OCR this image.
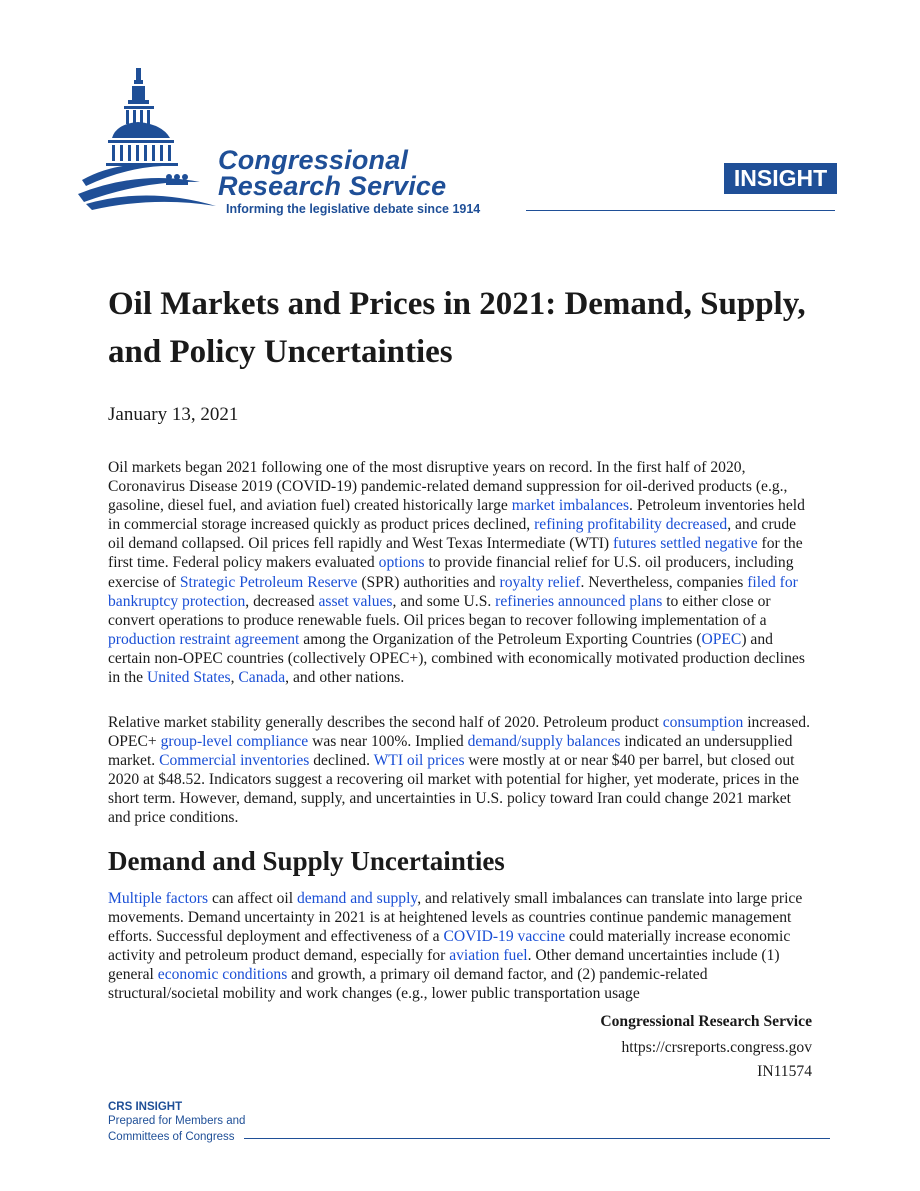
Congressional
Research Service
Informing the legislative debate since 1914
INSIGHT
Oil Markets and Prices in 2021: Demand, Supply, and Policy Uncertainties
January 13, 2021

Oil markets began 2021 following one of the most disruptive years on record. In the first half of 2020, Coronavirus Disease 2019 (COVID-19) pandemic-related demand suppression for oil-derived products (e.g., gasoline, diesel fuel, and aviation fuel) created historically large market imbalances. Petroleum inventories held in commercial storage increased quickly as product prices declined, refining profitability decreased, and crude oil demand collapsed. Oil prices fell rapidly and West Texas Intermediate (WTI) futures settled negative for the first time. Federal policy makers evaluated options to provide financial relief for U.S. oil producers, including exercise of Strategic Petroleum Reserve (SPR) authorities and royalty relief. Nevertheless, companies filed for bankruptcy protection, decreased asset values, and some U.S. refineries announced plans to either close or convert operations to produce renewable fuels. Oil prices began to recover following implementation of a production restraint agreement among the Organization of the Petroleum Exporting Countries (OPEC) and certain non-OPEC countries (collectively OPEC+), combined with economically motivated production declines in the United States, Canada, and other nations.

Relative market stability generally describes the second half of 2020. Petroleum product consumption increased. OPEC+ group-level compliance was near 100%. Implied demand/supply balances indicated an undersupplied market. Commercial inventories declined. WTI oil prices were mostly at or near $40 per barrel, but closed out 2020 at $48.52. Indicators suggest a recovering oil market with potential for higher, yet moderate, prices in the short term. However, demand, supply, and uncertainties in U.S. policy toward Iran could change 2021 market and price conditions.

Demand and Supply Uncertainties

Multiple factors can affect oil demand and supply, and relatively small imbalances can translate into large price movements. Demand uncertainty in 2021 is at heightened levels as countries continue pandemic management efforts. Successful deployment and effectiveness of a COVID-19 vaccine could materially increase economic activity and petroleum product demand, especially for aviation fuel. Other demand uncertainties include (1) general economic conditions and growth, a primary oil demand factor, and (2) pandemic-related structural/societal mobility and work changes (e.g., lower public transportation usage

Congressional Research Service
https://crsreports.congress.gov
IN11574
CRS INSIGHT
Prepared for Members and
Committees of Congress
